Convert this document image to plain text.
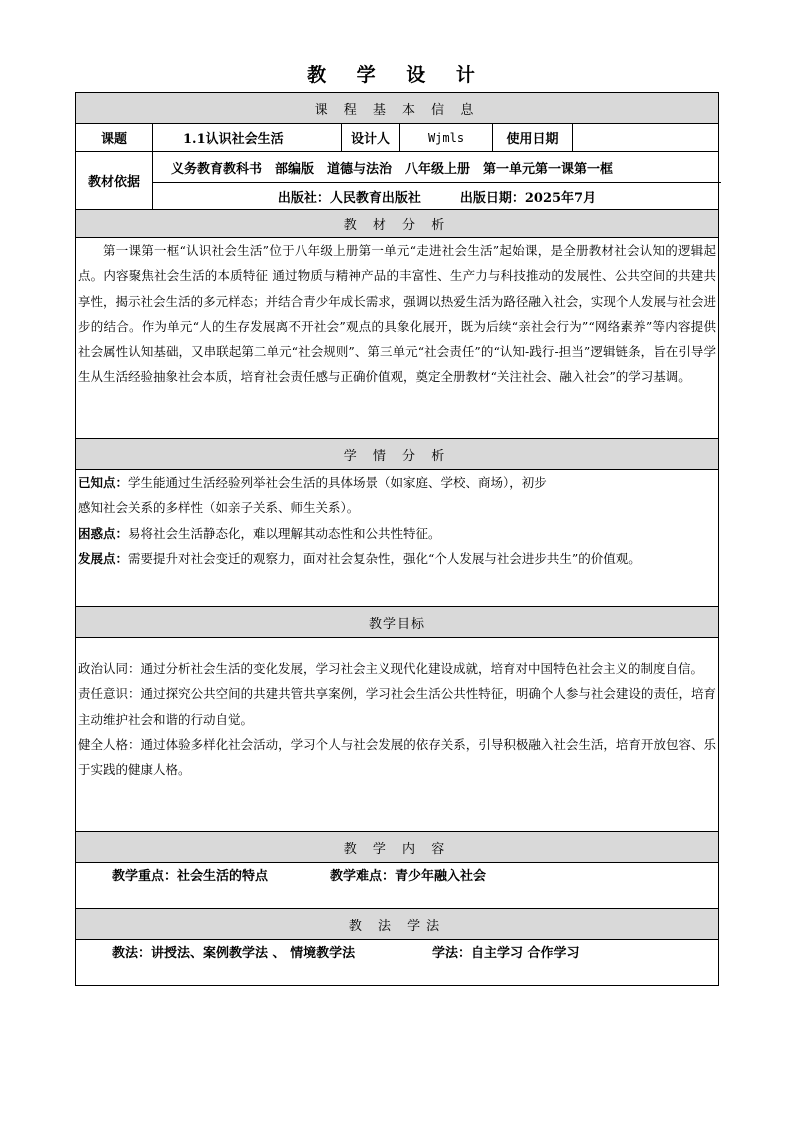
教 学 设 计
课 程 基 本 信 息
课题	1.1认识社会生活	设计人	Wjmls	使用日期
教材依据
义务教育教科书　部编版　道德与法治　八年级上册　第一单元第一课第一框
出版社：人民教育出版社　　　出版日期：2025年7月
教 材 分 析

第一课第一框“认识社会生活”位于八年级上册第一单元“走进社会生活”起始课，是全册教材社会认知的逻辑起点。内容聚焦社会生活的本质特征 通过物质与精神产品的丰富性、生产力与科技推动的发展性、公共空间的共建共享性，揭示社会生活的多元样态；并结合青少年成长需求，强调以热爱生活为路径融入社会，实现个人发展与社会进步的结合。作为单元“人的生存发展离不开社会”观点的具象化展开，既为后续“亲社会行为”“网络素养”等内容提供社会属性认知基础，又串联起第二单元“社会规则”、第三单元“社会责任”的“认知-践行-担当”逻辑链条，旨在引导学生从生活经验抽象社会本质，培育社会责任感与正确价值观，奠定全册教材“关注社会、融入社会”的学习基调。

学 情 分 析

已知点：学生能通过生活经验列举社会生活的具体场景（如家庭、学校、商场），初步

感知社会关系的多样性（如亲子关系、师生关系）。

困惑点：易将社会生活静态化，难以理解其动态性和公共性特征。

发展点：需要提升对社会变迁的观察力，面对社会复杂性，强化“个人发展与社会进步共生”的价值观。

教学目标

政治认同：通过分析社会生活的变化发展，学习社会主义现代化建设成就，培育对中国特色社会主义的制度自信。

责任意识：通过探究公共空间的共建共管共享案例，学习社会生活公共性特征，明确个人参与社会建设的责任，培育主动维护社会和谐的行动自觉。

健全人格：通过体验多样化社会活动，学习个人与社会发展的依存关系，引导积极融入社会生活，培育开放包容、乐于实践的健康人格。

教 学 内 容
教学重点：社会生活的特点	教学难点：青少年融入社会
教 法 学法
教法：讲授法、案例教学法 、 情境教学法	学法：自主学习 合作学习
